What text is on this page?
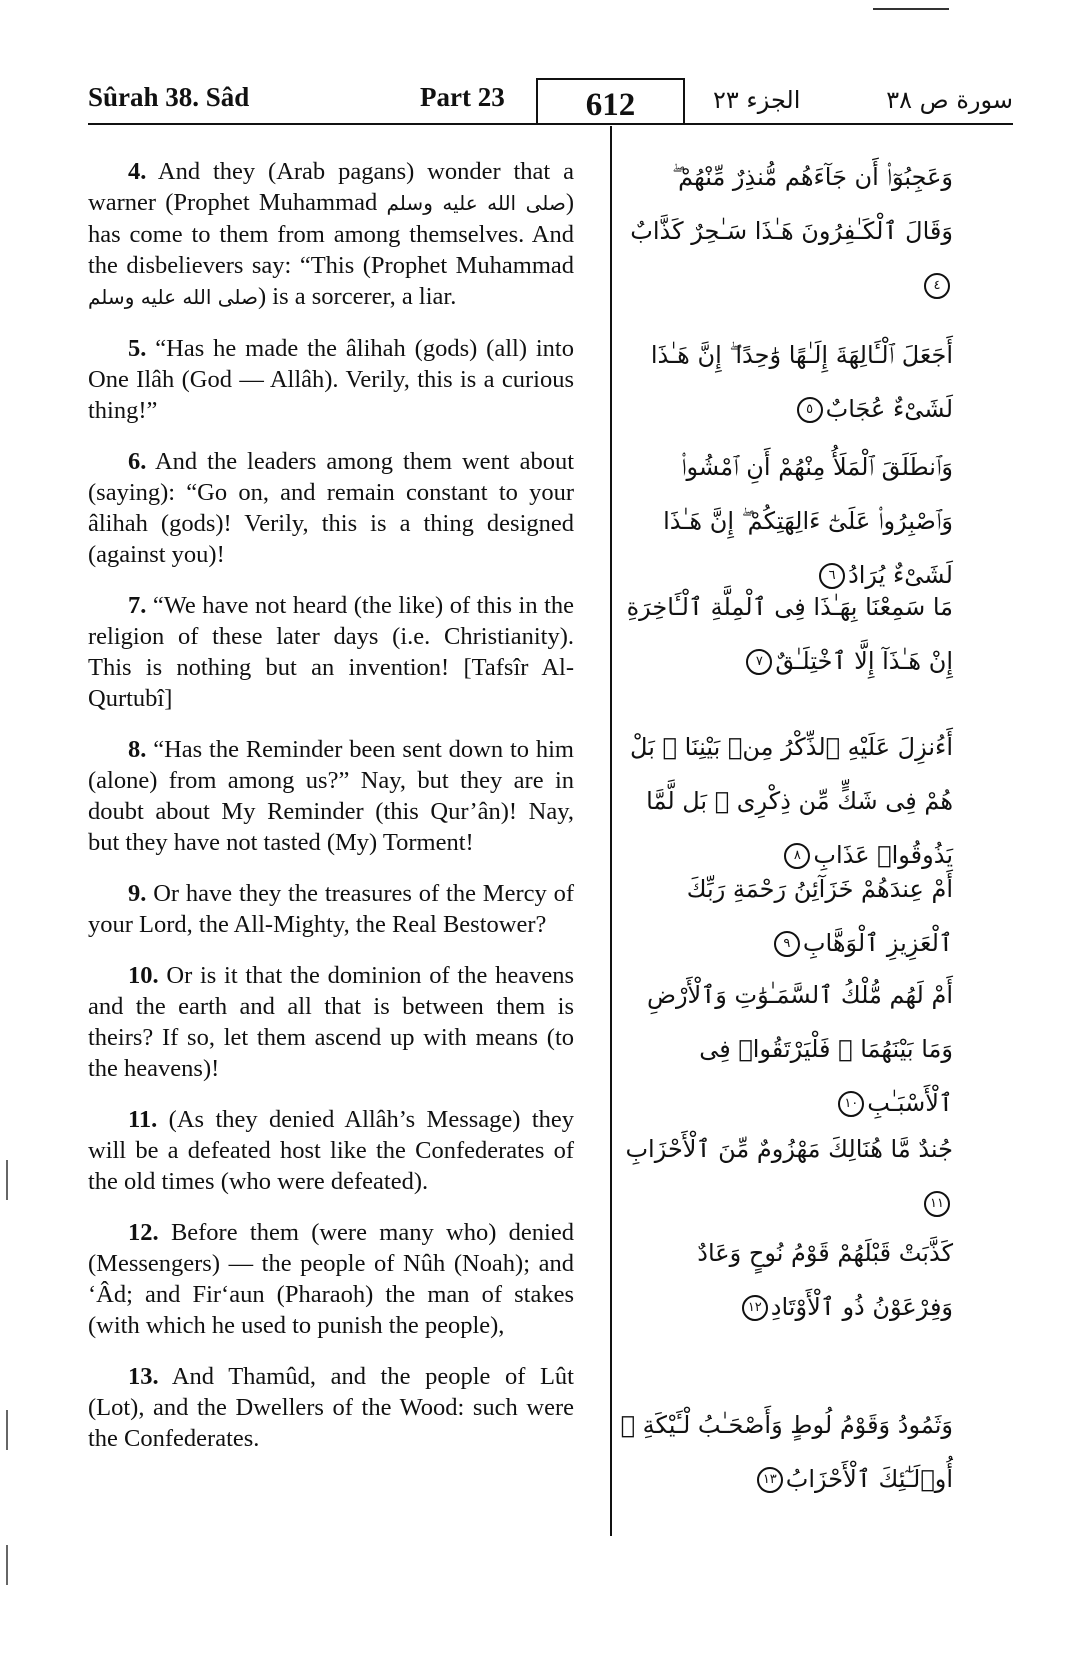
Sûrah 38. Sâd	Part 23	612	الجزء ٢٣	سورة ص ٣٨

4. And they (Arab pagans) wonder that a warner (Prophet Muhammad صلى الله عليه وسلم) has come to them from among themselves. And the disbelievers say: “This (Prophet Muhammad صلى الله عليه وسلم) is a sorcerer, a liar.

5. “Has he made the âlihah (gods) (all) into One Ilâh (God — Allâh). Verily, this is a curious thing!”

6. And the leaders among them went about (saying): “Go on, and remain constant to your âlihah (gods)! Verily, this is a thing designed (against you)!

7. “We have not heard (the like) of this in the religion of these later days (i.e. Christianity). This is nothing but an invention! [Tafsîr Al-Qurtubî]

8. “Has the Reminder been sent down to him (alone) from among us?” Nay, but they are in doubt about My Reminder (this Qur’ân)! Nay, but they have not tasted (My) Torment!

9. Or have they the treasures of the Mercy of your Lord, the All-Mighty, the Real Bestower?

10. Or is it that the dominion of the heavens and the earth and all that is between them is theirs? If so, let them ascend up with means (to the heavens)!

11. (As they denied Allâh’s Message) they will be a defeated host like the Confederates of the old times (who were defeated).

12. Before them (were many who) denied (Messengers) — the people of Nûh (Noah); and ‘Âd; and Fir‘aun (Pharaoh) the man of stakes (with which he used to punish the people),

13. And Thamûd, and the people of Lût (Lot), and the Dwellers of the Wood: such were the Confederates.

وَعَجِبُوٓا۟ أَن جَآءَهُم مُّنذِرٌ مِّنْهُمْ ۖ وَقَالَ ٱلْكَـٰفِرُونَ هَـٰذَا سَـٰحِرٌ كَذَّابٌ٤
أَجَعَلَ ٱلْـَٔالِهَةَ إِلَـٰهًا وَٰحِدًا ۖ إِنَّ هَـٰذَا لَشَىْءٌ عُجَابٌ٥
وَٱنطَلَقَ ٱلْمَلَأُ مِنْهُمْ أَنِ ٱمْشُوا۟ وَٱصْبِرُوا۟ عَلَىٰٓ ءَالِهَتِكُمْ ۖ إِنَّ هَـٰذَا لَشَىْءٌ يُرَادُ٦
مَا سَمِعْنَا بِهَـٰذَا فِى ٱلْمِلَّةِ ٱلْـَٔاخِرَةِ إِنْ هَـٰذَآ إِلَّا ٱخْتِلَـٰقٌ٧
أَءُنزِلَ عَلَيْهِ ٱلذِّكْرُ مِنۢ بَيْنِنَا ۚ بَلْ هُمْ فِى شَكٍّ مِّن ذِكْرِى ۖ بَل لَّمَّا يَذُوقُوا۟ عَذَابِ٨
أَمْ عِندَهُمْ خَزَآئِنُ رَحْمَةِ رَبِّكَ ٱلْعَزِيزِ ٱلْوَهَّابِ٩
أَمْ لَهُم مُّلْكُ ٱلسَّمَـٰوَٰتِ وَٱلْأَرْضِ وَمَا بَيْنَهُمَا ۖ فَلْيَرْتَقُوا۟ فِى ٱلْأَسْبَـٰبِ١٠
جُندٌ مَّا هُنَالِكَ مَهْزُومٌ مِّنَ ٱلْأَحْزَابِ١١
كَذَّبَتْ قَبْلَهُمْ قَوْمُ نُوحٍ وَعَادٌ وَفِرْعَوْنُ ذُو ٱلْأَوْتَادِ١٢
وَثَمُودُ وَقَوْمُ لُوطٍ وَأَصْحَـٰبُ لْـَٔيْكَةِ ۚ أُو۟لَـٰٓئِكَ ٱلْأَحْزَابُ١٣
